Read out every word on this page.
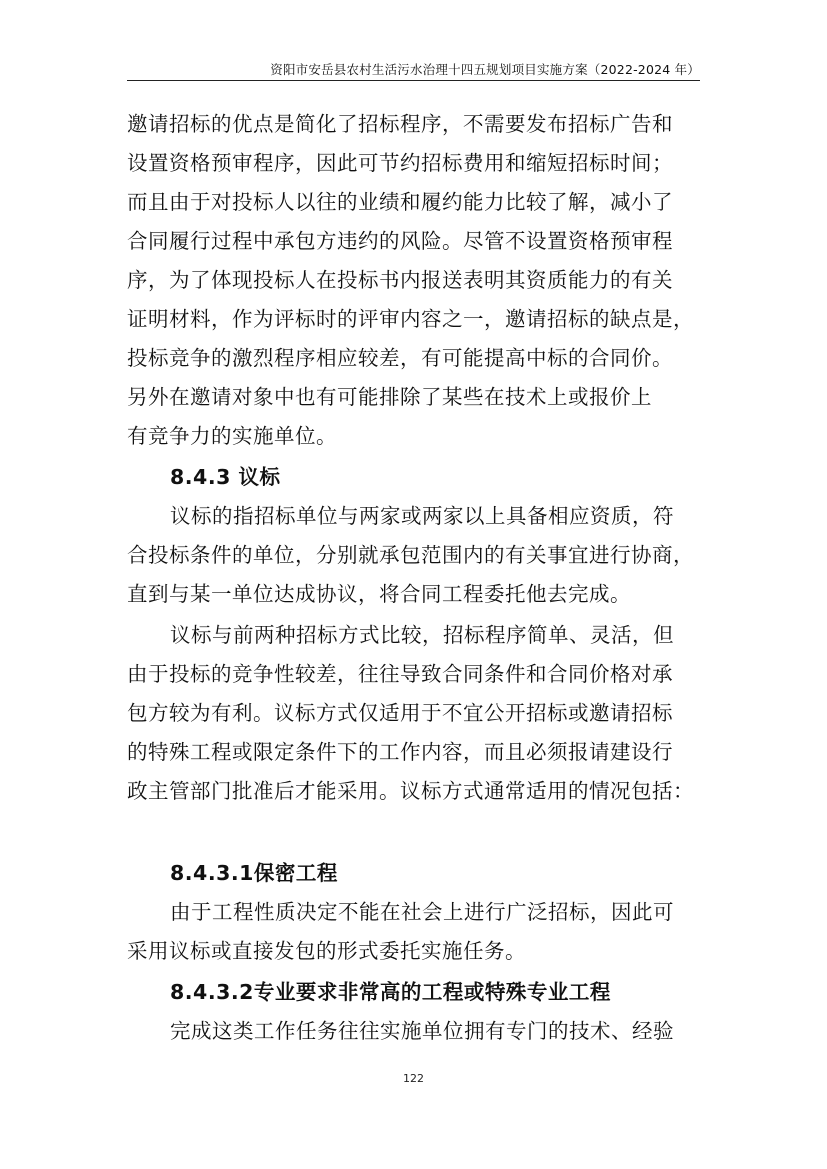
资阳市安岳县农村生活污水治理十四五规划项目实施方案（2022-2024 年）
邀请招标的优点是简化了招标程序，不需要发布招标广告和
设置资格预审程序，因此可节约招标费用和缩短招标时间；
而且由于对投标人以往的业绩和履约能力比较了解，减小了
合同履行过程中承包方违约的风险。尽管不设置资格预审程
序，为了体现投标人在投标书内报送表明其资质能力的有关
证明材料，作为评标时的评审内容之一，邀请招标的缺点是，
投标竞争的激烈程序相应较差，有可能提高中标的合同价。
另外在邀请对象中也有可能排除了某些在技术上或报价上
有竞争力的实施单位。
8.4.3 议标
议标的指招标单位与两家或两家以上具备相应资质，符
合投标条件的单位，分别就承包范围内的有关事宜进行协商，
直到与某一单位达成协议，将合同工程委托他去完成。
议标与前两种招标方式比较，招标程序简单、灵活，但
由于投标的竞争性较差，往往导致合同条件和合同价格对承
包方较为有利。议标方式仅适用于不宜公开招标或邀请招标
的特殊工程或限定条件下的工作内容，而且必须报请建设行
政主管部门批准后才能采用。议标方式通常适用的情况包括：
8.4.3.1保密工程
由于工程性质决定不能在社会上进行广泛招标，因此可
采用议标或直接发包的形式委托实施任务。
8.4.3.2专业要求非常高的工程或特殊专业工程
完成这类工作任务往往实施单位拥有专门的技术、经验
122
